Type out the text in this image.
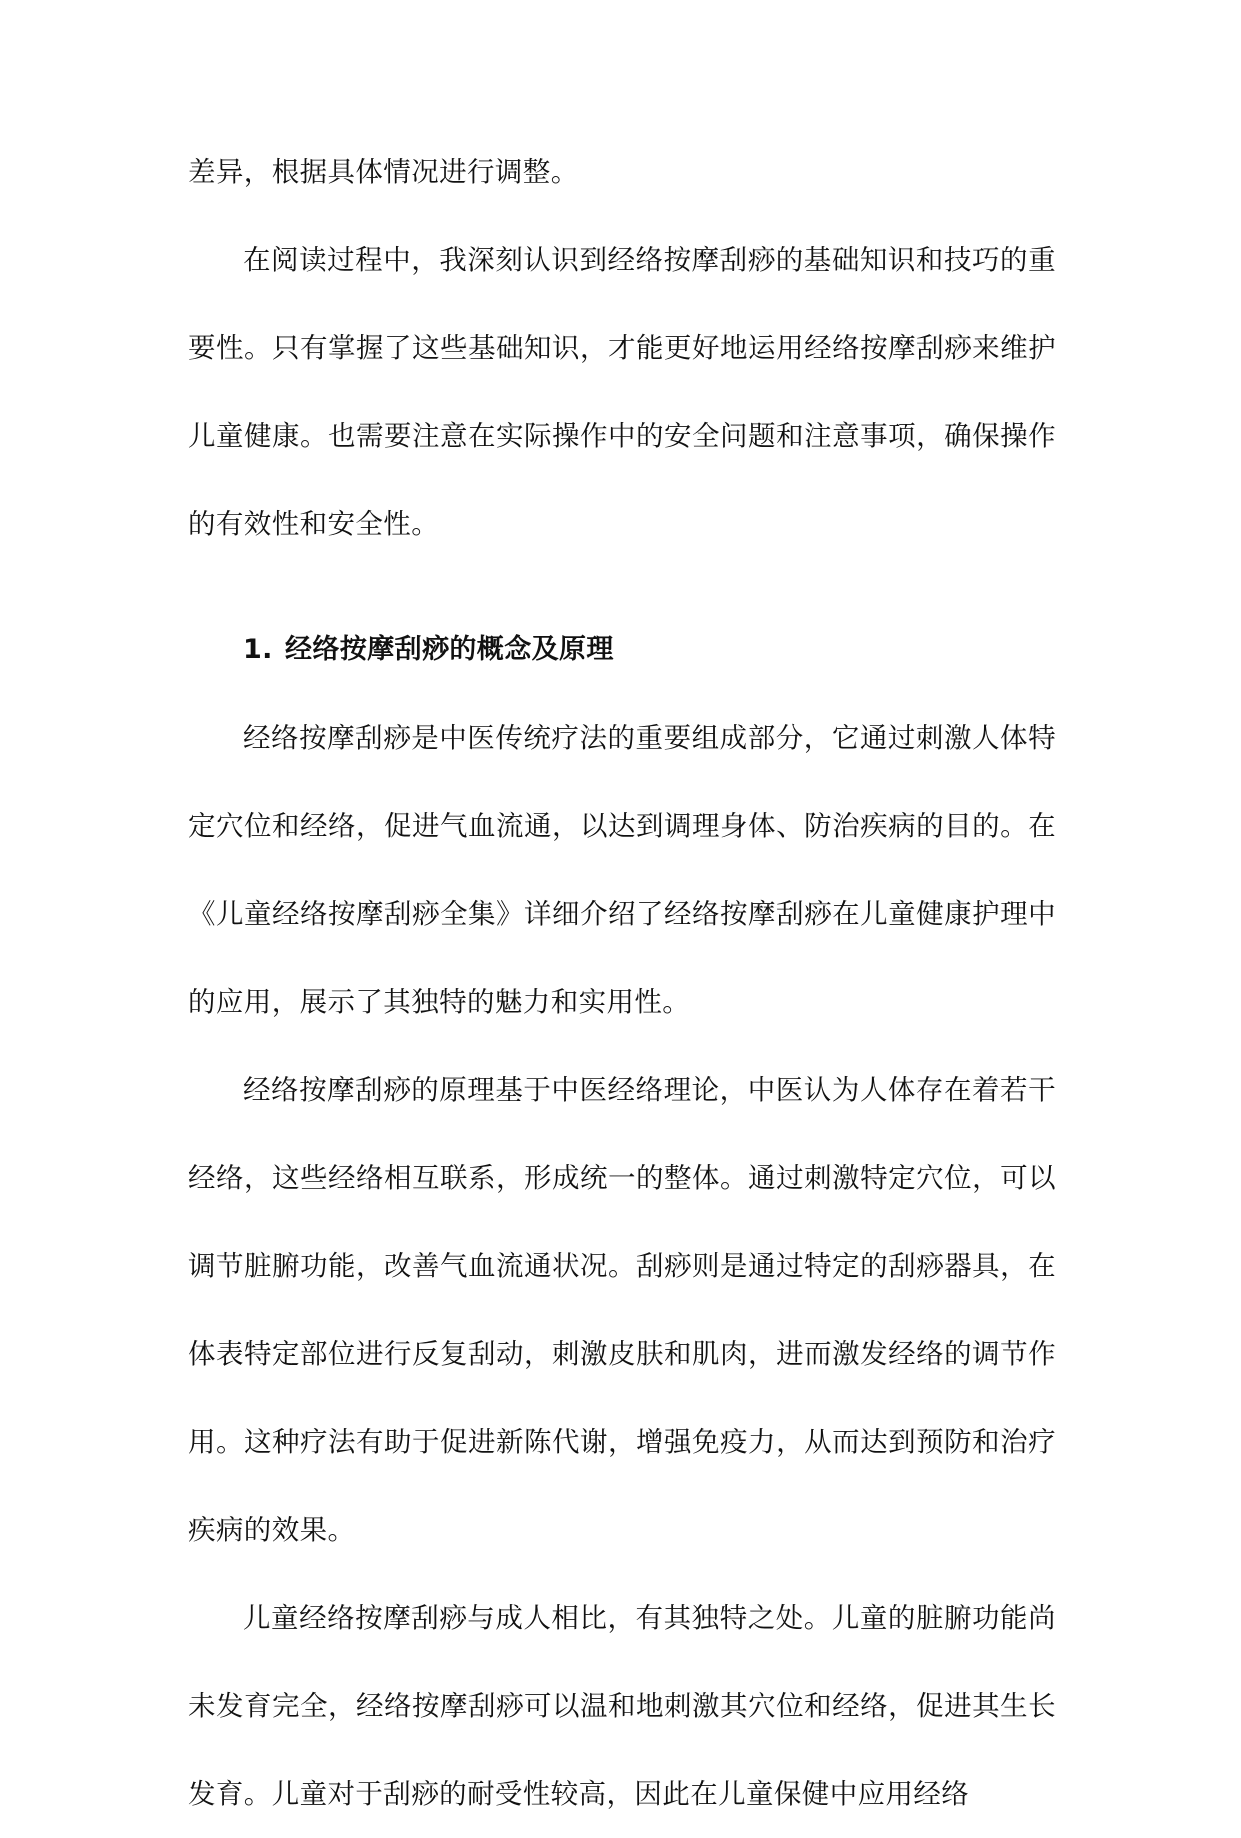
差异，根据具体情况进行调整。

在阅读过程中，我深刻认识到经络按摩刮痧的基础知识和技巧的重要性。只有掌握了这些基础知识，才能更好地运用经络按摩刮痧来维护儿童健康。也需要注意在实际操作中的安全问题和注意事项，确保操作的有效性和安全性。

1. 经络按摩刮痧的概念及原理

经络按摩刮痧是中医传统疗法的重要组成部分，它通过刺激人体特定穴位和经络，促进气血流通，以达到调理身体、防治疾病的目的。在《儿童经络按摩刮痧全集》详细介绍了经络按摩刮痧在儿童健康护理中的应用，展示了其独特的魅力和实用性。

经络按摩刮痧的原理基于中医经络理论，中医认为人体存在着若干经络，这些经络相互联系，形成统一的整体。通过刺激特定穴位，可以调节脏腑功能，改善气血流通状况。刮痧则是通过特定的刮痧器具，在体表特定部位进行反复刮动，刺激皮肤和肌肉，进而激发经络的调节作用。这种疗法有助于促进新陈代谢，增强免疫力，从而达到预防和治疗疾病的效果。

儿童经络按摩刮痧与成人相比，有其独特之处。儿童的脏腑功能尚未发育完全，经络按摩刮痧可以温和地刺激其穴位和经络，促进其生长发育。儿童对于刮痧的耐受性较高，因此在儿童保健中应用经络
